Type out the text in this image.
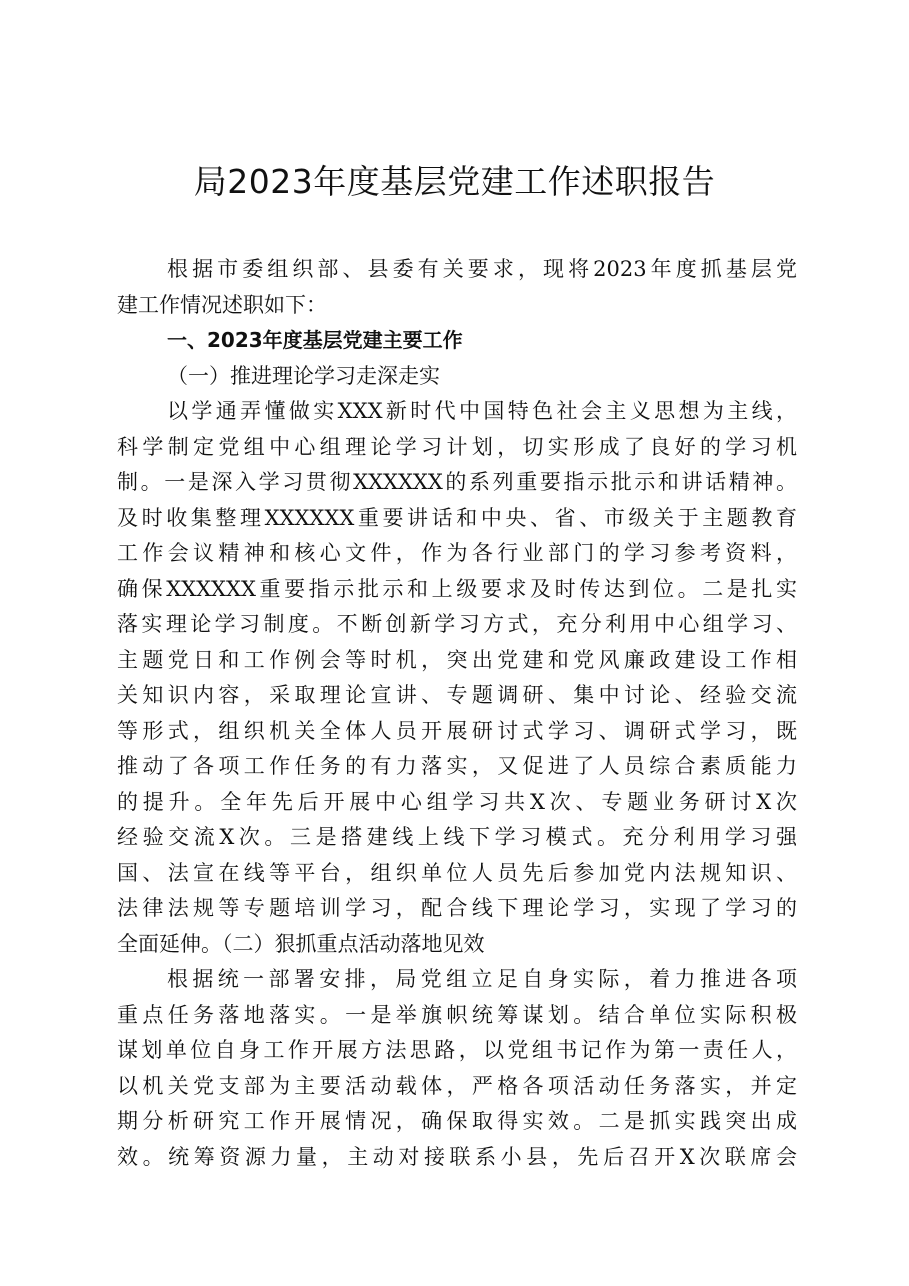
局2023年度基层党建工作述职报告
根据市委组织部、县委有关要求，现将2023年度抓基层党
建工作情况述职如下：
一、2023年度基层党建主要工作
（一）推进理论学习走深走实
以学通弄懂做实XXX新时代中国特色社会主义思想为主线，
科学制定党组中心组理论学习计划，切实形成了良好的学习机
制。一是深入学习贯彻XXXXXX的系列重要指示批示和讲话精神。
及时收集整理XXXXXX重要讲话和中央、省、市级关于主题教育
工作会议精神和核心文件，作为各行业部门的学习参考资料，
确保XXXXXX重要指示批示和上级要求及时传达到位。二是扎实
落实理论学习制度。不断创新学习方式，充分利用中心组学习、
主题党日和工作例会等时机，突出党建和党风廉政建设工作相
关知识内容，采取理论宣讲、专题调研、集中讨论、经验交流
等形式，组织机关全体人员开展研讨式学习、调研式学习，既
推动了各项工作任务的有力落实，又促进了人员综合素质能力
的提升。全年先后开展中心组学习共X次、专题业务研讨X次
经验交流X次。三是搭建线上线下学习模式。充分利用学习强
国、法宣在线等平台，组织单位人员先后参加党内法规知识、
法律法规等专题培训学习，配合线下理论学习，实现了学习的
全面延伸。（二）狠抓重点活动落地见效
根据统一部署安排，局党组立足自身实际，着力推进各项
重点任务落地落实。一是举旗帜统筹谋划。结合单位实际积极
谋划单位自身工作开展方法思路，以党组书记作为第一责任人，
以机关党支部为主要活动载体，严格各项活动任务落实，并定
期分析研究工作开展情况，确保取得实效。二是抓实践突出成
效。统筹资源力量，主动对接联系小县，先后召开X次联席会
